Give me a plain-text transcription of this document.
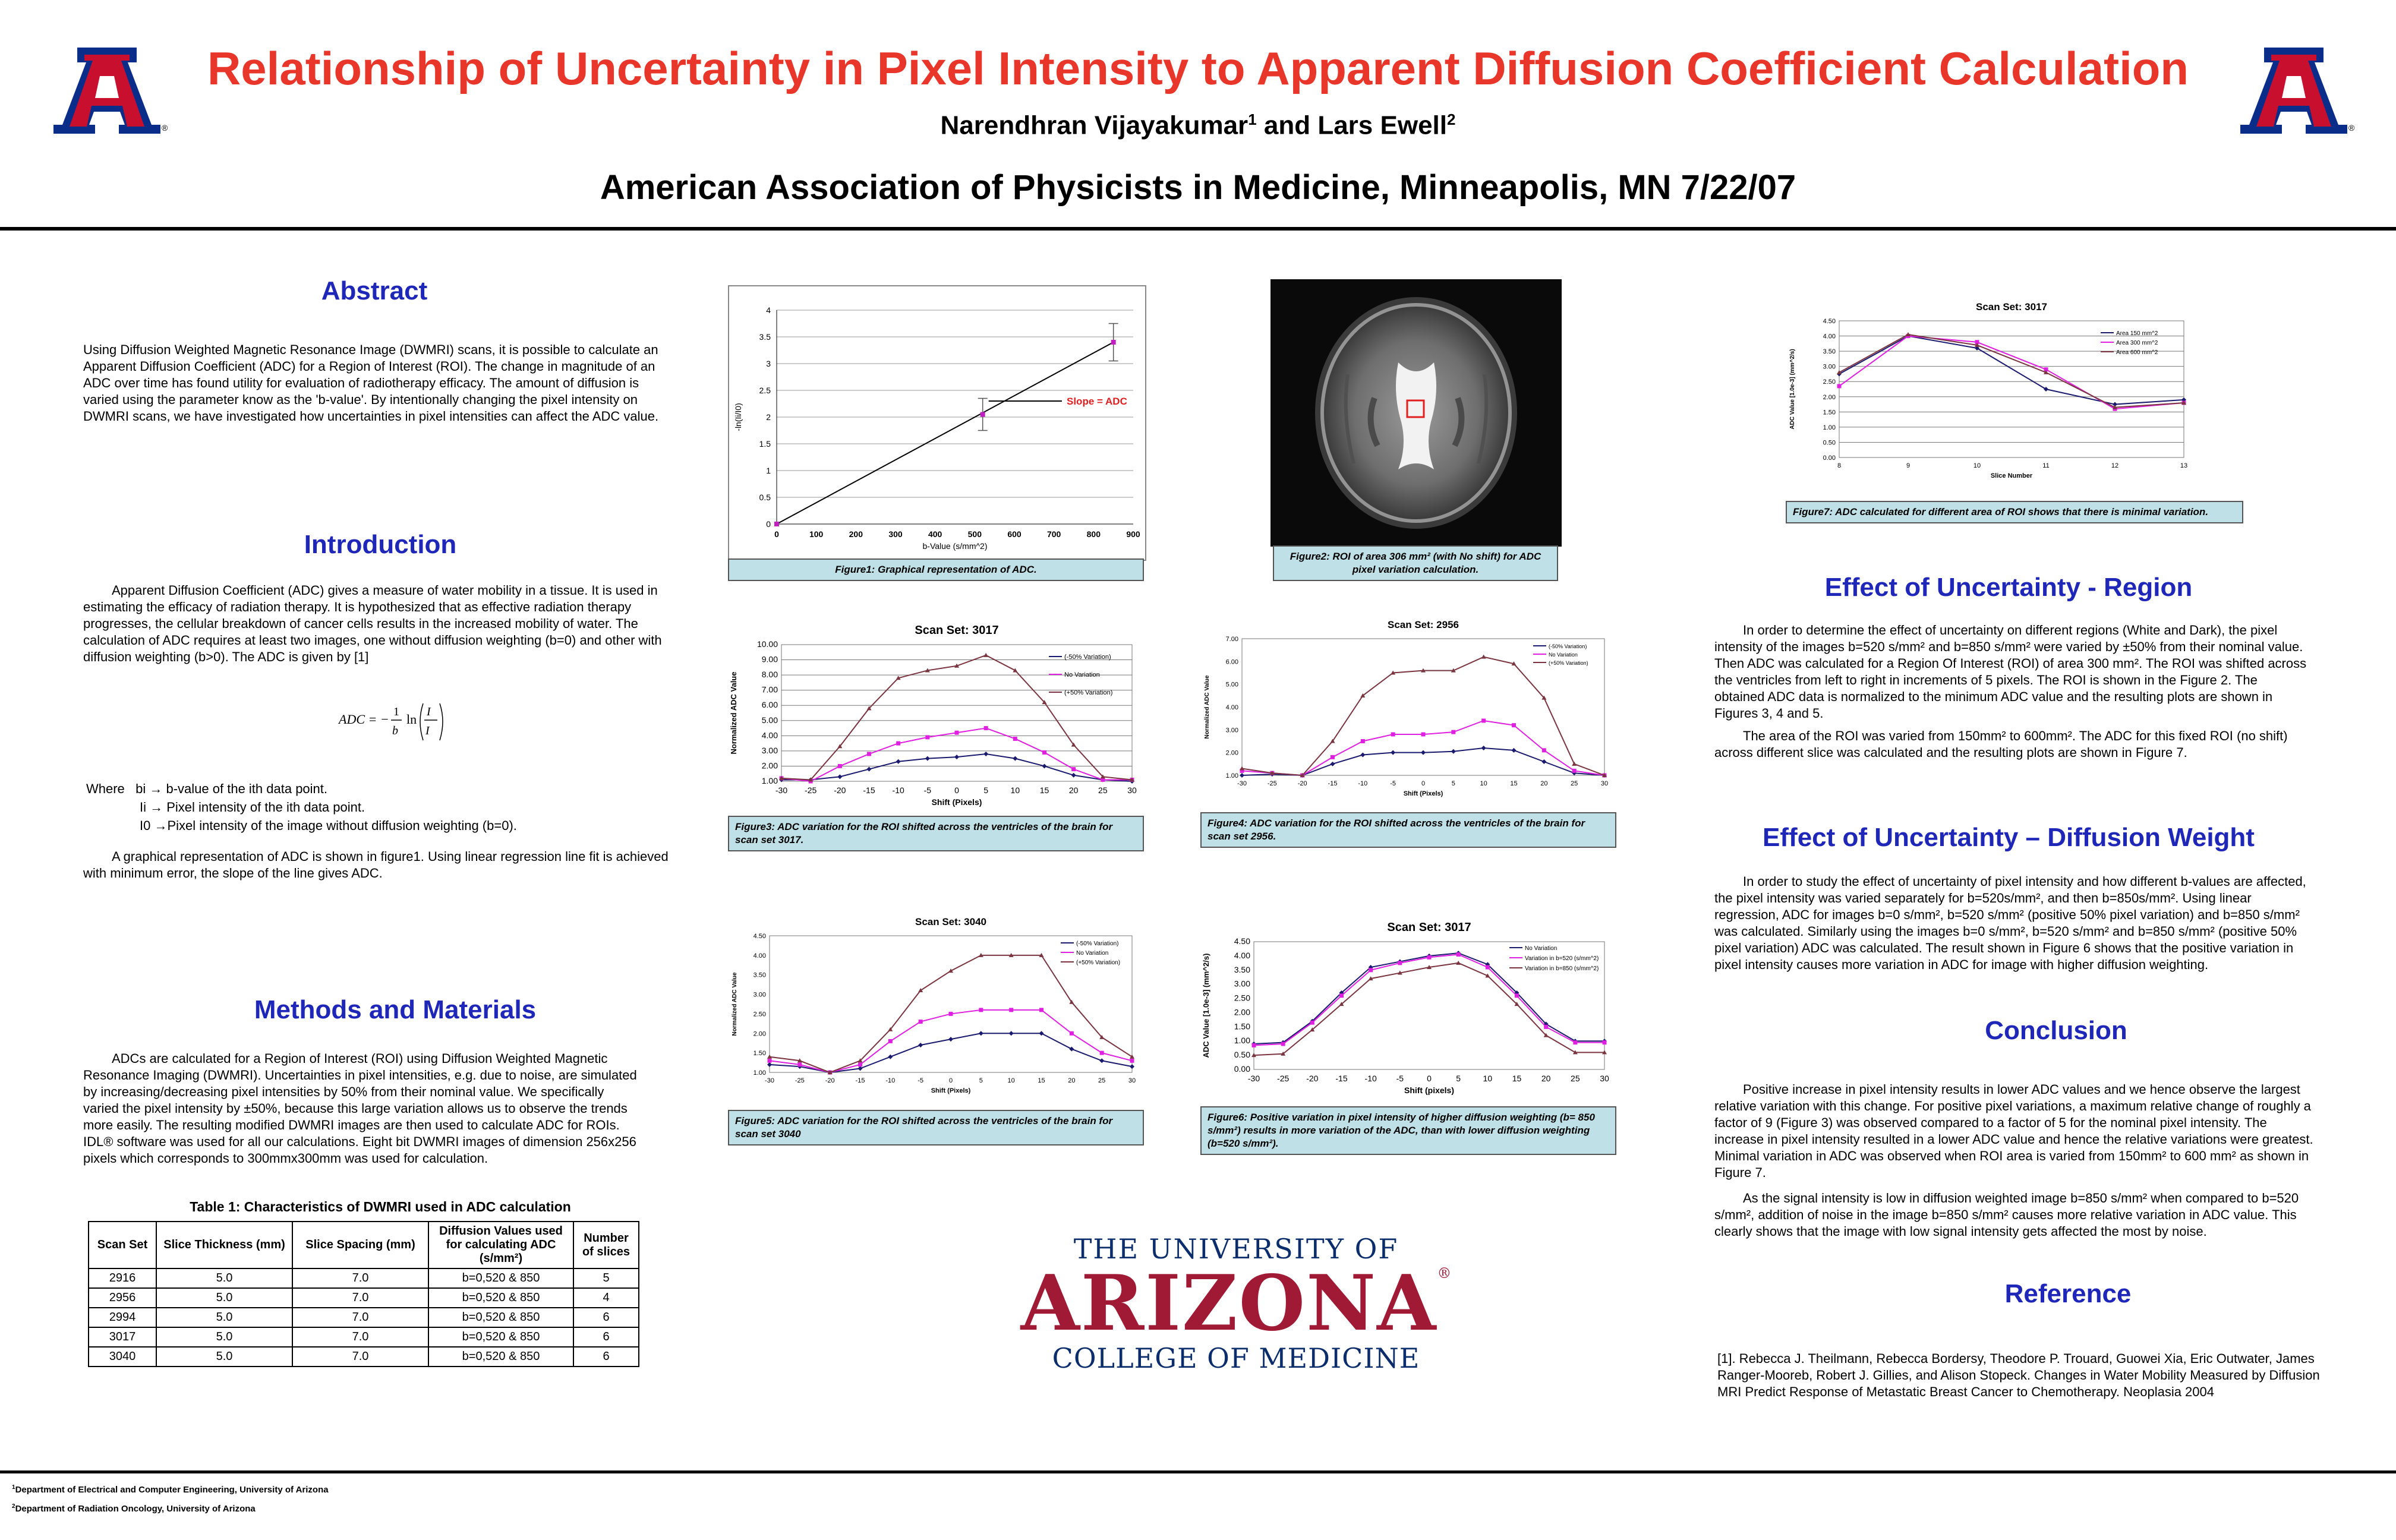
®	®
Relationship of Uncertainty in Pixel Intensity to Apparent Diffusion Coefficient Calculation
Narendhran Vijayakumar$^1$ and Lars Ewell$^2$
American Association of Physicists in Medicine, Minneapolis, MN 7/22/07
Abstract
Using Diffusion Weighted Magnetic Resonance Image (DWMRI) scans, it is possible to calculate an Apparent Diffusion Coefficient (ADC) for a Region of Interest (ROI). The change in magnitude of an ADC over time has found utility for evaluation of radiotherapy efficacy. The amount of diffusion is varied using the parameter know as the 'b-value'. By intentionally changing the pixel intensity on DWMRI scans, we have investigated how uncertainties in pixel intensities can affect the ADC value.
Introduction
Apparent Diffusion Coefficient (ADC) gives a measure of water mobility in a tissue. It is used in estimating the efficacy of radiation therapy. It is hypothesized that as effective radiation therapy progresses, the cellular breakdown of cancer cells results in the increased mobility of water. The calculation of ADC requires at least two images, one without diffusion weighting (b=0) and other with diffusion weighting (b>0). The ADC is given by [1]
ADC = − 1
b
ln I
I
Where bi → b-value of the ith data point.
Ii → Pixel intensity of the ith data point.
I0 →Pixel intensity of the image without diffusion weighting (b=0).
A graphical representation of ADC is shown in figure1. Using linear regression line fit is achieved with minimum error, the slope of the line gives ADC.
Methods and Materials
ADCs are calculated for a Region of Interest (ROI) using Diffusion Weighted Magnetic Resonance Imaging (DWMRI). Uncertainties in pixel intensities, e.g. due to noise, are simulated by increasing/decreasing pixel intensities by 50% from their nominal value. We specifically varied the pixel intensity by ±50%, because this large variation allows us to observe the trends more easily. The resulting modified DWMRI images are then used to calculate ADC for ROIs. IDL® software was used for all our calculations. Eight bit DWMRI images of dimension 256x256 pixels which corresponds to 300mmx300mm was used for calculation.
Table 1: Characteristics of DWMRI used in ADC calculation
Scan Set	Slice Thickness (mm)	Slice Spacing (mm)	Diffusion Values used for calculating ADC (s/mm²)	Number of slices
2916	5.0	7.0	b=0,520 & 850	5
2956	5.0	7.0	b=0,520 & 850	4
2994	5.0	7.0	b=0,520 & 850	6
3017	5.0	7.0	b=0,520 & 850	6
3040	5.0	7.0	b=0,520 & 850	6
0
0.5
1
1.5
2
2.5
3
3.5
4
0	100	200	300	400	500	600	700	800	900
Slope = ADC
b-Value (s/mm^2)
-ln(Ii/I0)
Figure1: Graphical representation of ADC.
Figure2: ROI of area 306 mm² (with No shift) for ADC pixel variation calculation.
Scan Set: 3017
1.00
2.00
3.00
4.00
5.00
6.00
7.00
8.00
9.00
10.00
-30 -25 -20 -15 -10 -5	0	5	10 15 20 25 30
Shift (Pixels)
Normalized ADC Value
(-50% Variation)
No Variation
(+50% Variation)
Figure3: ADC variation for the ROI shifted across the ventricles of the brain for scan set 3017.
Scan Set: 2956
1.00
2.00
3.00
4.00
5.00
6.00
7.00
-30	-25	-20	-15	-10	-5	0	5	10	15	20	25	30
Shift (Pixels)
Normalized ADC Value
(-50% Variation)
No Variation
(+50% Variation)
Figure4: ADC variation for the ROI shifted across the ventricles of the brain for scan set 2956.
Scan Set: 3040
1.00
1.50
2.00
2.50
3.00
3.50
4.00
4.50
-30	-25	-20	-15	-10	-5	0	5	10	15	20	25	30
Shift (Pixels)
Normalized ADC Value
(-50% Variation)
No Variation
(+50% Variation)
Figure5: ADC variation for the ROI shifted across the ventricles of the brain for scan set 3040
Scan Set: 3017
0.00
0.50
1.00
1.50
2.00
2.50
3.00
3.50
4.00
4.50
-30 -25 -20 -15 -10 -5	0	5	10 15 20 25 30
Shift (pixels)
ADC Value [1.0e-3] (mm^2/s)
No Variation
Variation in b=520 (s/mm^2)
Variation in b=850 (s/mm^2)
Figure6: Positive variation in pixel intensity of higher diffusion weighting (b= 850 s/mm²) results in more variation of the ADC, than with lower diffusion weighting (b=520 s/mm²).
Scan Set: 3017
0.00
0.50
1.00
1.50
2.00
2.50
3.00
3.50
4.00
4.50
8	9	10	11	12	13
Slice Number
ADC Value [1.0e-3] (mm^2/s)
Area 150 mm^2
Area 300 mm^2
Area 600 mm^2
Figure7: ADC calculated for different area of ROI shows that there is minimal variation.
THE UNIVERSITY OF
ARIZONA®
COLLEGE OF MEDICINE
Effect of Uncertainty - Region
In order to determine the effect of uncertainty on different regions (White and Dark), the pixel intensity of the images b=520 s/mm² and b=850 s/mm² were varied by ±50% from their nominal value. Then ADC was calculated for a Region Of Interest (ROI) of area 300 mm². The ROI was shifted across the ventricles from left to right in increments of 5 pixels. The ROI is shown in the Figure 2. The obtained ADC data is normalized to the minimum ADC value and the resulting plots are shown in Figures 3, 4 and 5.
The area of the ROI was varied from 150mm² to 600mm². The ADC for this fixed ROI (no shift) across different slice was calculated and the resulting plots are shown in Figure 7.
Effect of Uncertainty – Diffusion Weight
In order to study the effect of uncertainty of pixel intensity and how different b-values are affected, the pixel intensity was varied separately for b=520s/mm², and then b=850s/mm². Using linear regression, ADC for images b=0 s/mm², b=520 s/mm² (positive 50% pixel variation) and b=850 s/mm² was calculated. Similarly using the images b=0 s/mm², b=520 s/mm² and b=850 s/mm² (positive 50% pixel variation) ADC was calculated. The result shown in Figure 6 shows that the positive variation in pixel intensity causes more variation in ADC for image with higher diffusion weighting.
Conclusion
Positive increase in pixel intensity results in lower ADC values and we hence observe the largest relative variation with this change. For positive pixel variations, a maximum relative change of roughly a factor of 9 (Figure 3) was observed compared to a factor of 5 for the nominal pixel intensity. The increase in pixel intensity resulted in a lower ADC value and hence the relative variations were greatest. Minimal variation in ADC was observed when ROI area is varied from 150mm² to 600 mm² as shown in Figure 7.
As the signal intensity is low in diffusion weighted image b=850 s/mm² when compared to b=520 s/mm², addition of noise in the image b=850 s/mm² causes more relative variation in ADC value. This clearly shows that the image with low signal intensity gets affected the most by noise.
Reference
[1]. Rebecca J. Theilmann, Rebecca Bordersy, Theodore P. Trouard, Guowei Xia, Eric Outwater, James Ranger-Mooreb, Robert J. Gillies, and Alison Stopeck. Changes in Water Mobility Measured by Diffusion MRI Predict Response of Metastatic Breast Cancer to Chemotherapy. Neoplasia 2004
$^1$Department of Electrical and Computer Engineering, University of Arizona
$^2$Department of Radiation Oncology, University of Arizona
